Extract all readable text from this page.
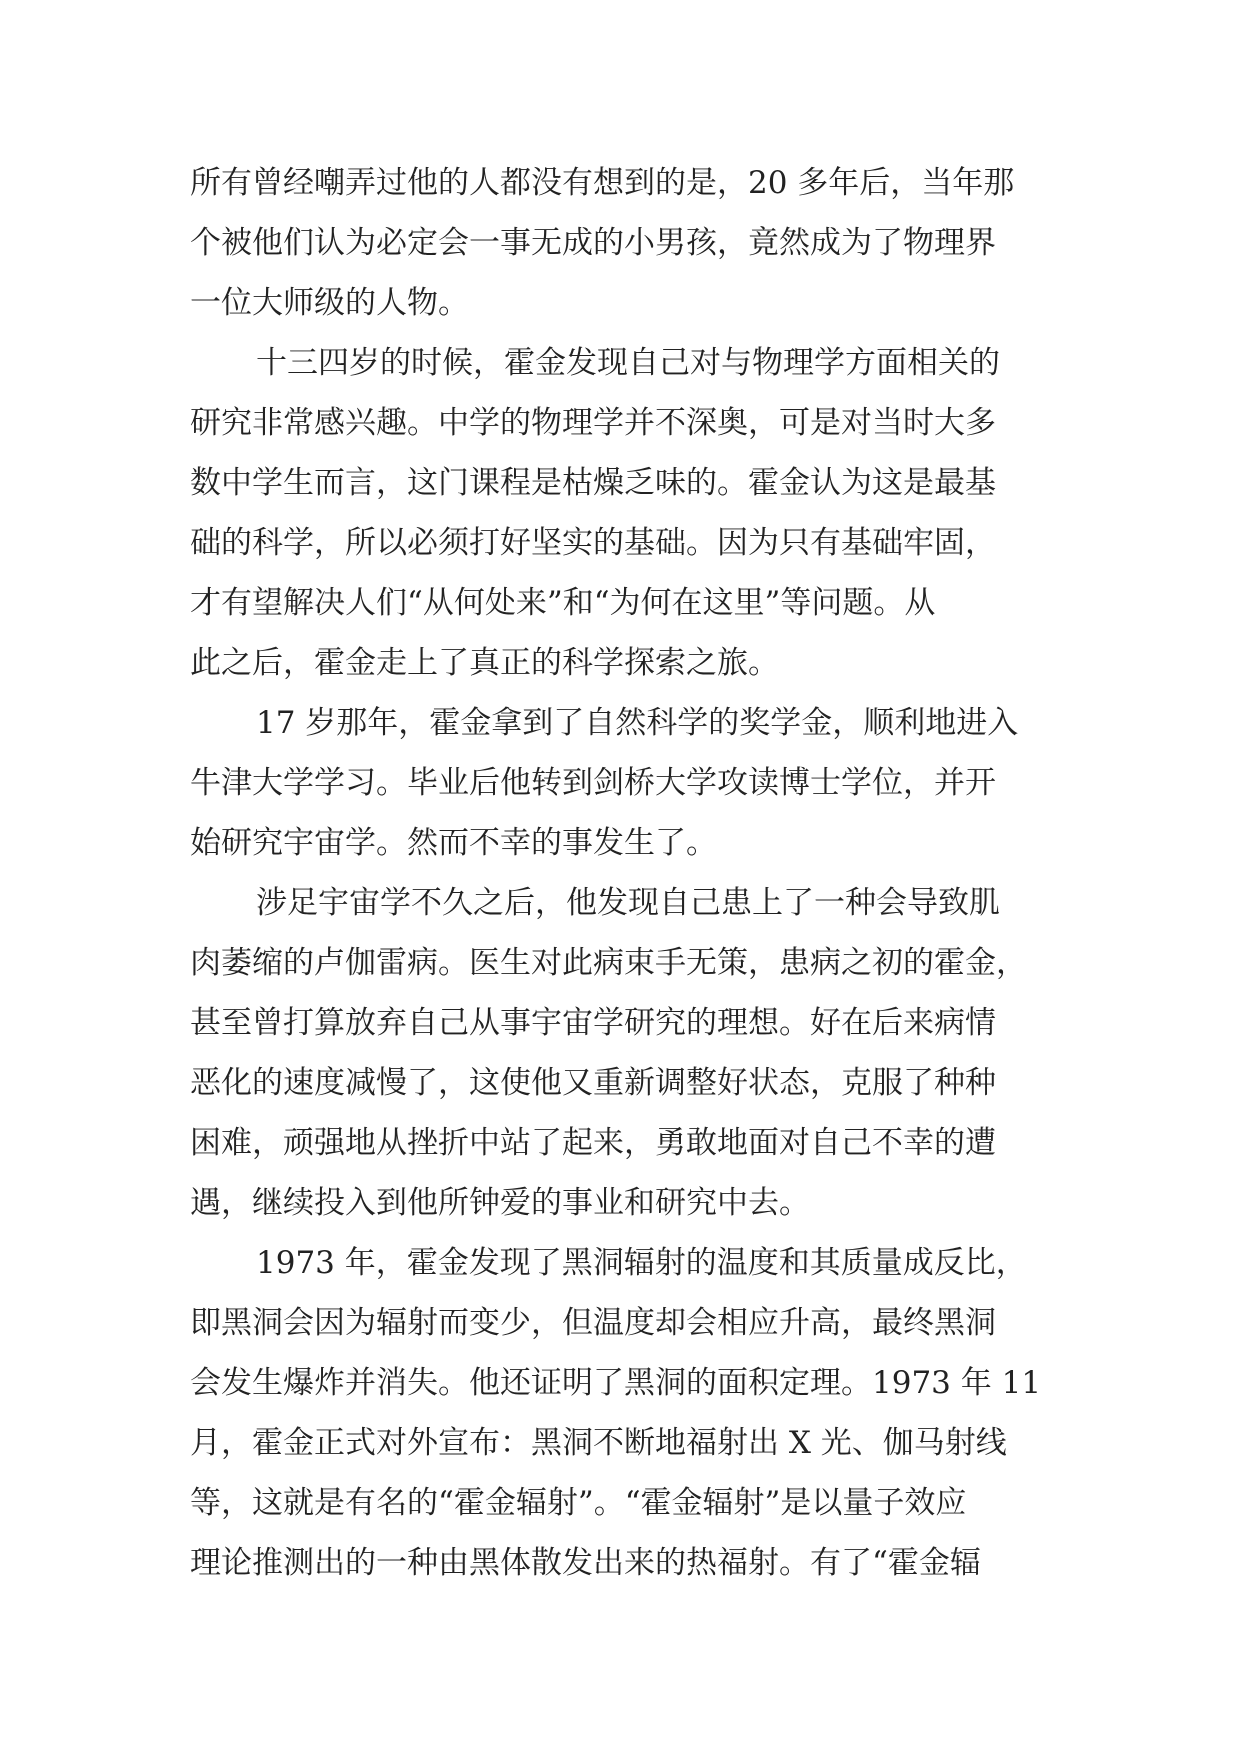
所有曾经嘲弄过他的人都没有想到的是，20 多年后，当年那
个被他们认为必定会一事无成的小男孩，竟然成为了物理界
一位大师级的人物。
十三四岁的时候，霍金发现自己对与物理学方面相关的
研究非常感兴趣。中学的物理学并不深奥，可是对当时大多
数中学生而言，这门课程是枯燥乏味的。霍金认为这是最基
础的科学，所以必须打好坚实的基础。因为只有基础牢固，
才有望解决人们“从何处来”和“为何在这里”等问题。从
此之后，霍金走上了真正的科学探索之旅。
17 岁那年，霍金拿到了自然科学的奖学金，顺利地进入
牛津大学学习。毕业后他转到剑桥大学攻读博士学位，并开
始研究宇宙学。然而不幸的事发生了。
涉足宇宙学不久之后，他发现自己患上了一种会导致肌
肉萎缩的卢伽雷病。医生对此病束手无策，患病之初的霍金，
甚至曾打算放弃自己从事宇宙学研究的理想。好在后来病情
恶化的速度减慢了，这使他又重新调整好状态，克服了种种
困难，顽强地从挫折中站了起来，勇敢地面对自己不幸的遭
遇，继续投入到他所钟爱的事业和研究中去。
1973 年，霍金发现了黑洞辐射的温度和其质量成反比，
即黑洞会因为辐射而变少，但温度却会相应升高，最终黑洞
会发生爆炸并消失。他还证明了黑洞的面积定理。1973 年 11
月，霍金正式对外宣布：黑洞不断地福射出 X 光、伽马射线
等，这就是有名的“霍金辐射”。“霍金辐射”是以量子效应
理论推测出的一种由黑体散发出来的热福射。有了“霍金辐
